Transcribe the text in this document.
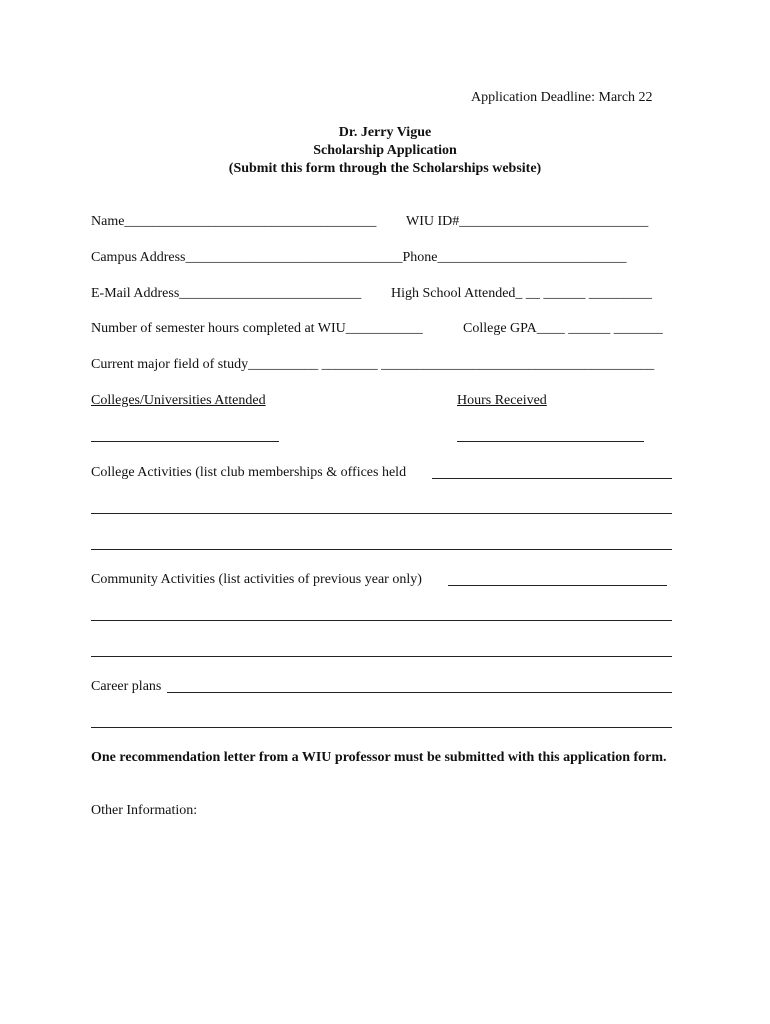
Application Deadline: March 22
Dr. Jerry Vigue
Scholarship Application
(Submit this form through the Scholarships website)
Name____________________________________ WIU ID#___________________________
Campus Address_______________________________Phone___________________________
E-Mail Address__________________________ High School Attended_ __ ______ _________
Number of semester hours completed at WIU___________	College GPA____ ______ _______
Current major field of study__________ ________ _______________________________________
Colleges/Universities Attended	Hours Received
College Activities (list club memberships & offices held
Community Activities (list activities of previous year only)
Career plans
One recommendation letter from a WIU professor must be submitted with this application form.
Other Information:
